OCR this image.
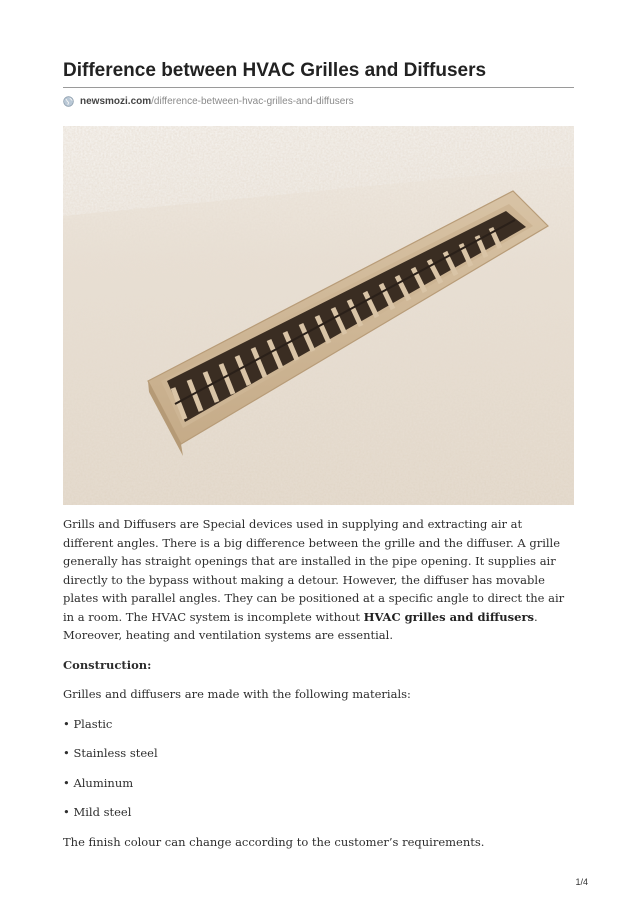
Difference between HVAC Grilles and Diffusers
newsmozi.com /difference-between-hvac-grilles-and-diffusers

Grills and Diffusers are Special devices used in supplying and extracting air at different angles. There is a big difference between the grille and the diffuser. A grille generally has straight openings that are installed in the pipe opening. It supplies air directly to the bypass without making a detour. However, the diffuser has movable plates with parallel angles. They can be positioned at a specific angle to direct the air in a room. The HVAC system is incomplete without HVAC grilles and diffusers. Moreover, heating and ventilation systems are essential.

Construction:

Grilles and diffusers are made with the following materials:

• Plastic

• Stainless steel

• Aluminum

• Mild steel

The finish colour can change according to the customer’s requirements.

1/4
